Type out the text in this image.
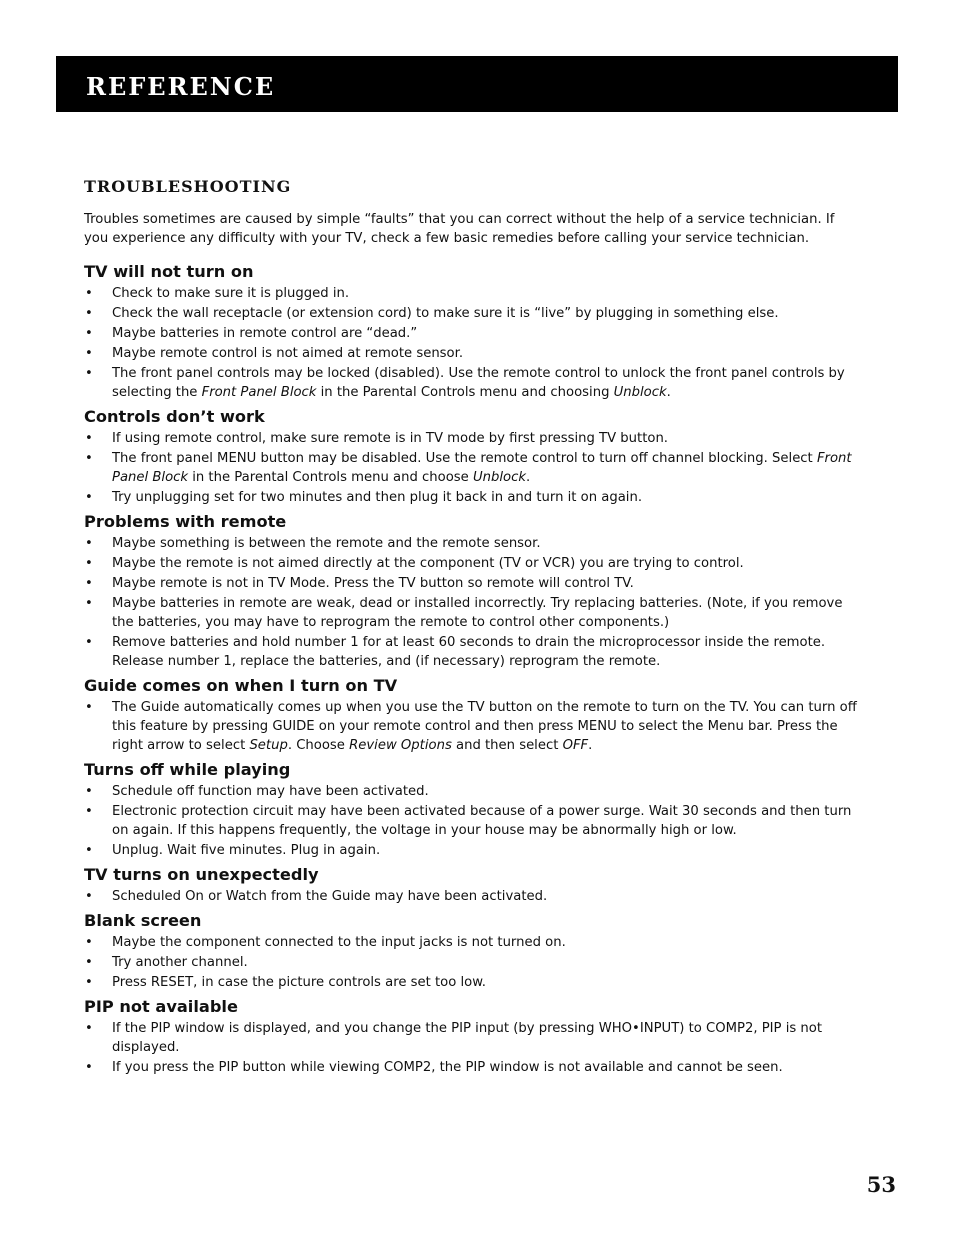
reference
troubleshooting

Troubles sometimes are caused by simple “faults” that you can correct without the help of a service technician. If you experience any difficulty with your TV, check a few basic remedies before calling your service technician.

TV will not turn on
• Check to make sure it is plugged in.
• Check the wall receptacle (or extension cord) to make sure it is “live” by plugging in something else.
• Maybe batteries in remote control are “dead.”
• Maybe remote control is not aimed at remote sensor.
• The front panel controls may be locked (disabled). Use the remote control to unlock the front panel controls by selecting the Front Panel Block in the Parental Controls menu and choosing Unblock.
Controls don’t work
• If using remote control, make sure remote is in TV mode by first pressing TV button.
• The front panel MENU button may be disabled. Use the remote control to turn off channel blocking. Select Front Panel Block in the Parental Controls menu and choose Unblock.
• Try unplugging set for two minutes and then plug it back in and turn it on again.
Problems with remote
• Maybe something is between the remote and the remote sensor.
• Maybe the remote is not aimed directly at the component (TV or VCR) you are trying to control.
• Maybe remote is not in TV Mode. Press the TV button so remote will control TV.
• Maybe batteries in remote are weak, dead or installed incorrectly. Try replacing batteries. (Note, if you remove the batteries, you may have to reprogram the remote to control other components.)
• Remove batteries and hold number 1 for at least 60 seconds to drain the microprocessor inside the remote. Release number 1, replace the batteries, and (if necessary) reprogram the remote.
Guide comes on when I turn on TV
• The Guide automatically comes up when you use the TV button on the remote to turn on the TV. You can turn off this feature by pressing GUIDE on your remote control and then press MENU to select the Menu bar. Press the right arrow to select Setup. Choose Review Options and then select OFF.
Turns off while playing
• Schedule off function may have been activated.
• Electronic protection circuit may have been activated because of a power surge. Wait 30 seconds and then turn on again. If this happens frequently, the voltage in your house may be abnormally high or low.
• Unplug. Wait five minutes. Plug in again.
TV turns on unexpectedly
• Scheduled On or Watch from the Guide may have been activated.
Blank screen
• Maybe the component connected to the input jacks is not turned on.
• Try another channel.
• Press RESET, in case the picture controls are set too low.
PIP not available
• If the PIP window is displayed, and you change the PIP input (by pressing WHO•INPUT) to COMP2, PIP is not displayed.
• If you press the PIP button while viewing COMP2, the PIP window is not available and cannot be seen.
53
